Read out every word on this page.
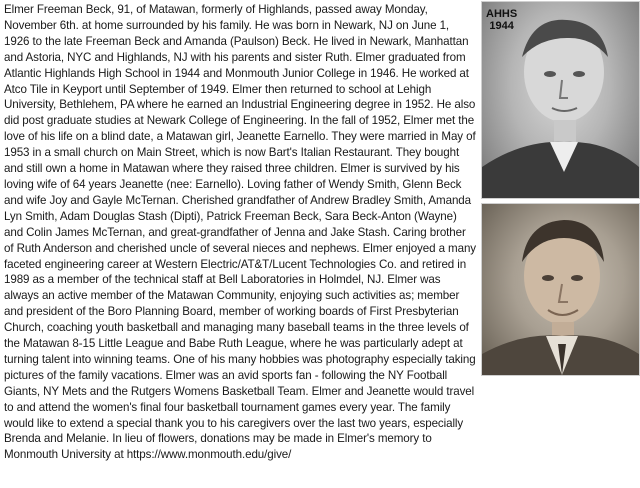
Elmer Freeman Beck, 91, of Matawan, formerly of Highlands, passed away Monday, November 6th. at home surrounded by his family. He was born in Newark, NJ on June 1, 1926 to the late Freeman Beck and Amanda (Paulson) Beck. He lived in Newark, Manhattan and Astoria, NYC and Highlands, NJ with his parents and sister Ruth. Elmer graduated from Atlantic Highlands High School in 1944 and Monmouth Junior College in 1946. He worked at Atco Tile in Keyport until September of 1949. Elmer then returned to school at Lehigh University, Bethlehem, PA where he earned an Industrial Engineering degree in 1952. He also did post graduate studies at Newark College of Engineering. In the fall of 1952, Elmer met the love of his life on a blind date, a Matawan girl, Jeanette Earnello. They were married in May of 1953 in a small church on Main Street, which is now Bart's Italian Restaurant. They bought and still own a home in Matawan where they raised three children. Elmer is survived by his loving wife of 64 years Jeanette (nee: Earnello). Loving father of Wendy Smith, Glenn Beck and wife Joy and Gayle McTernan. Cherished grandfather of Andrew Bradley Smith, Amanda Lyn Smith, Adam Douglas Stash (Dipti), Patrick Freeman Beck, Sara Beck-Anton (Wayne) and Colin James McTernan, and great-grandfather of Jenna and Jake Stash. Caring brother of Ruth Anderson and cherished uncle of several nieces and nephews. Elmer enjoyed a many faceted engineering career at Western Electric/AT&T/Lucent Technologies Co. and retired in 1989 as a member of the technical staff at Bell Laboratories in Holmdel, NJ. Elmer was always an active member of the Matawan Community, enjoying such activities as; member and president of the Boro Planning Board, member of working boards of First Presbyterian Church, coaching youth basketball and managing many baseball teams in the three levels of the Matawan 8-15 Little League and Babe Ruth League, where he was particularly adept at turning talent into winning teams. One of his many hobbies was photography especially taking pictures of the family vacations. Elmer was an avid sports fan - following the NY Football Giants, NY Mets and the Rutgers Womens Basketball Team. Elmer and Jeanette would travel to and attend the women's final four basketball tournament games every year. The family would like to extend a special thank you to his caregivers over the last two years, especially Brenda and Melanie. In lieu of flowers, donations may be made in Elmer's memory to Monmouth University at https://www.monmouth.edu/give/
AHHS
1944
